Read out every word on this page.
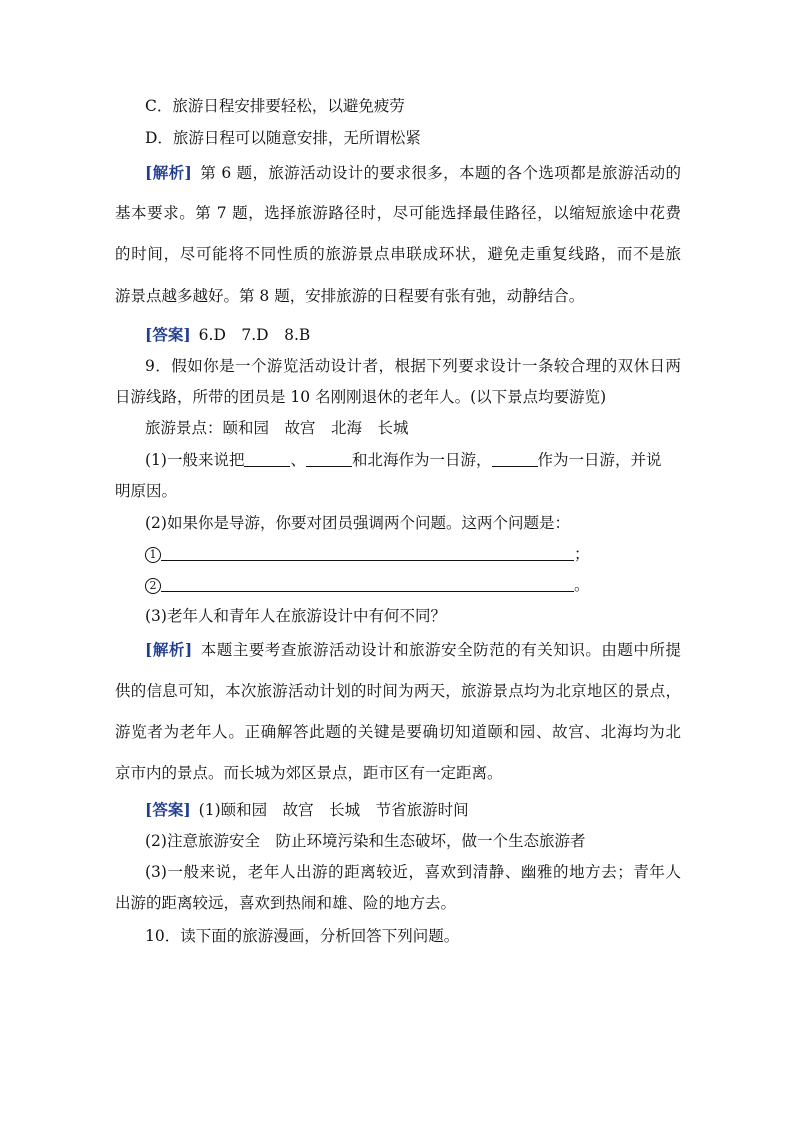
C．旅游日程安排要轻松，以避免疲劳
D．旅游日程可以随意安排，无所谓松紧
[解析] 第 6 题，旅游活动设计的要求很多，本题的各个选项都是旅游活动的
基本要求。第 7 题，选择旅游路径时，尽可能选择最佳路径，以缩短旅途中花费
的时间，尽可能将不同性质的旅游景点串联成环状，避免走重复线路，而不是旅
游景点越多越好。第 8 题，安排旅游的日程要有张有弛，动静结合。
[答案] 6.D　7.D　8.B
9．假如你是一个游览活动设计者，根据下列要求设计一条较合理的双休日两
日游线路，所带的团员是 10 名刚刚退休的老年人。(以下景点均要游览)
旅游景点：颐和园　故宫　北海　长城
(1)一般来说把	、	和北海作为一日游，	作为一日游，并说
明原因。
(2)如果你是导游，你要对团员强调两个问题。这两个问题是：
1	；
2	。
(3)老年人和青年人在旅游设计中有何不同？
[解析] 本题主要考查旅游活动设计和旅游安全防范的有关知识。由题中所提
供的信息可知，本次旅游活动计划的时间为两天，旅游景点均为北京地区的景点，
游览者为老年人。正确解答此题的关键是要确切知道颐和园、故宫、北海均为北
京市内的景点。而长城为郊区景点，距市区有一定距离。
[答案] (1)颐和园　故宫　长城　节省旅游时间
(2)注意旅游安全　防止环境污染和生态破坏，做一个生态旅游者
(3)一般来说，老年人出游的距离较近，喜欢到清静、幽雅的地方去；青年人
出游的距离较远，喜欢到热闹和雄、险的地方去。
10．读下面的旅游漫画，分析回答下列问题。
